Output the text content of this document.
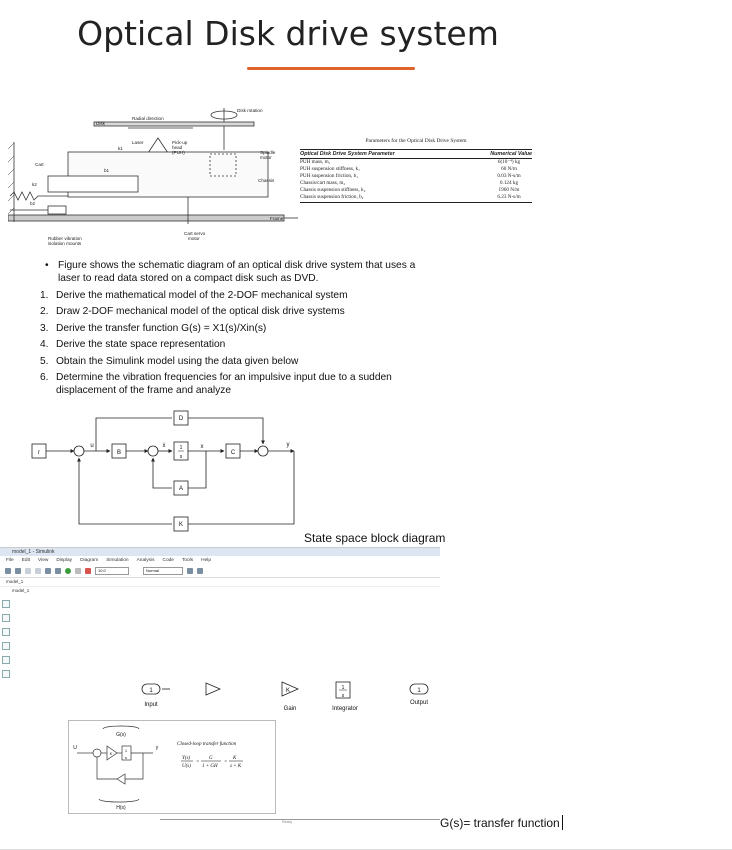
Optical Disk drive system
Disk rotation
Disk
Radial direction
Laser	Pick-up
head
(PUH)	Spindle
motor
Chassis
Cart
Frame
k2
b2
k1
b1
Rubber vibration
isolation mounts
Cart servo
motor
Parameters for the Optical Disk Drive System
Optical Disk Drive System Parameter	Numerical Value
PUH mass, m₁	6(10⁻⁴) kg
PUH suspension stiffness, k₁	60 N/m
PUH suspension friction, b₁	0.03 N-s/m
Chassis/cart mass, m₂	0.124 kg
Chassis suspension stiffness, k₂	1960 N/m
Chassis suspension friction, b₂	6.23 N-s/m
• Figure shows the schematic diagram of an optical disk drive system that uses a laser to read data stored on a compact disk such as DVD.
1. Derive the mathematical model of the 2-DOF mechanical system
2. Draw 2-DOF mechanical model of the optical disk drive systems
3. Derive the transfer function G(s) = X1(s)/Xin(s)
4. Derive the state space representation
5. Obtain the Simulink model using the data given below
6. Determine the vibration frequencies for an impulsive input due to a sudden displacement of the frame and analyze
r
u
B
ẋ	1
s
x
C
y
D
A
K
State space block diagram
model_1 - Simulink
File Edit View Display Diagram Simulation Analysis Code Tools Help
10.0	Normal
model_1
model_1
1
Input
K
Gain
1
s
Integrator
1
Output
G(s)
H(s)
U	y
K
1
s
Closed-loop transfer function
Y(s)
U(s)
=
G
1 + GH
=
K
s + K
Ready	G(s)= transfer function
